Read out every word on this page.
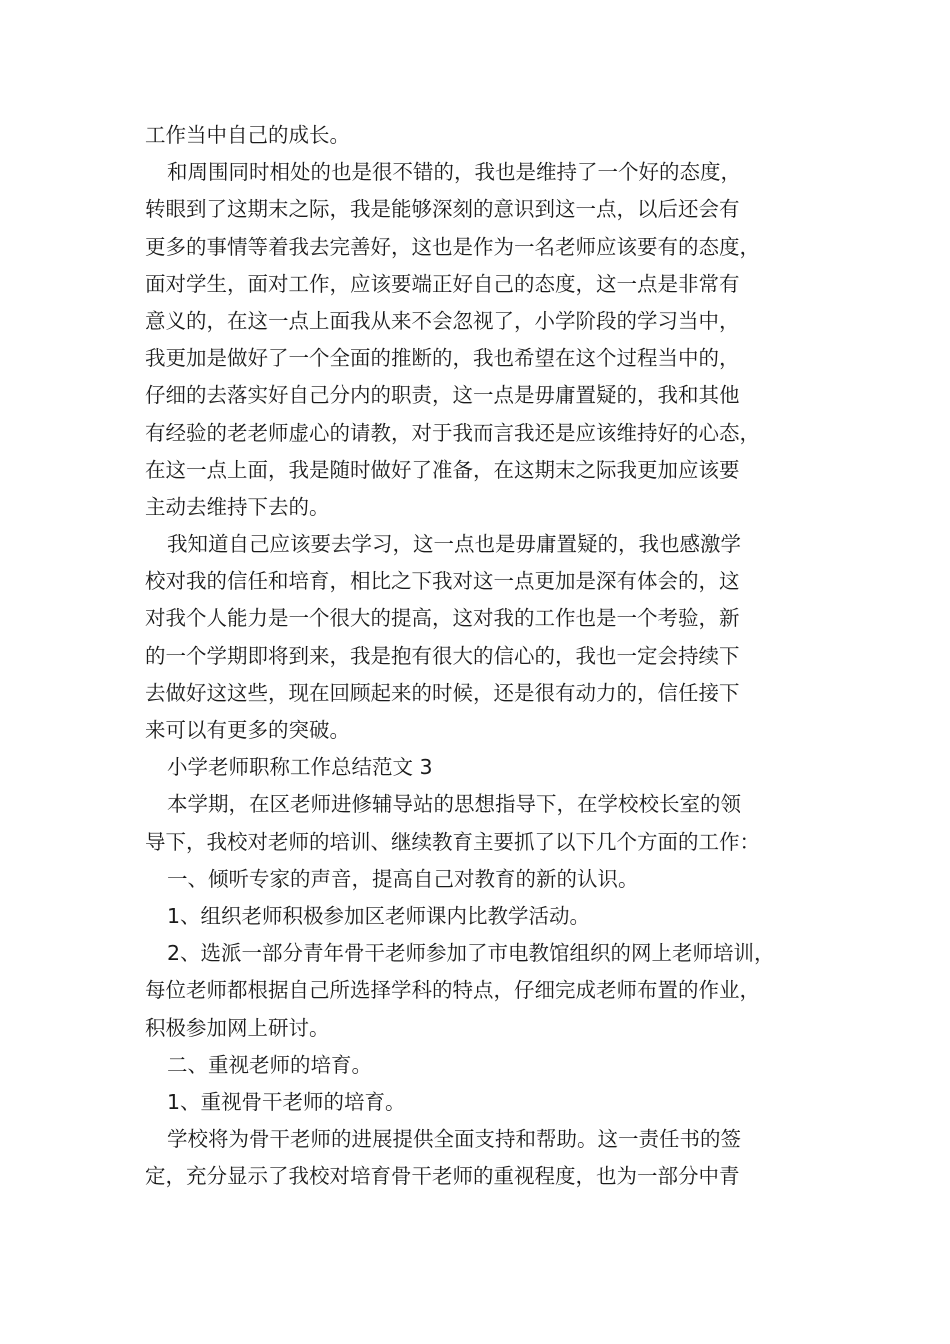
工作当中自己的成长。
和周围同时相处的也是很不错的，我也是维持了一个好的态度，
转眼到了这期末之际，我是能够深刻的意识到这一点，以后还会有
更多的事情等着我去完善好，这也是作为一名老师应该要有的态度，
面对学生，面对工作，应该要端正好自己的态度，这一点是非常有
意义的，在这一点上面我从来不会忽视了，小学阶段的学习当中，
我更加是做好了一个全面的推断的，我也希望在这个过程当中的，
仔细的去落实好自己分内的职责，这一点是毋庸置疑的，我和其他
有经验的老老师虚心的请教，对于我而言我还是应该维持好的心态，
在这一点上面，我是随时做好了准备，在这期末之际我更加应该要
主动去维持下去的。
我知道自己应该要去学习，这一点也是毋庸置疑的，我也感激学
校对我的信任和培育，相比之下我对这一点更加是深有体会的，这
对我个人能力是一个很大的提高，这对我的工作也是一个考验，新
的一个学期即将到来，我是抱有很大的信心的，我也一定会持续下
去做好这这些，现在回顾起来的时候，还是很有动力的，信任接下
来可以有更多的突破。
小学老师职称工作总结范文 3
本学期，在区老师进修辅导站的思想指导下，在学校校长室的领
导下，我校对老师的培训、继续教育主要抓了以下几个方面的工作：
一、倾听专家的声音，提高自己对教育的新的认识。
1、组织老师积极参加区老师课内比教学活动。
2、选派一部分青年骨干老师参加了市电教馆组织的网上老师培训，
每位老师都根据自己所选择学科的特点，仔细完成老师布置的作业，
积极参加网上研讨。
二、重视老师的培育。
1、重视骨干老师的培育。
学校将为骨干老师的进展提供全面支持和帮助。这一责任书的签
定，充分显示了我校对培育骨干老师的重视程度，也为一部分中青
